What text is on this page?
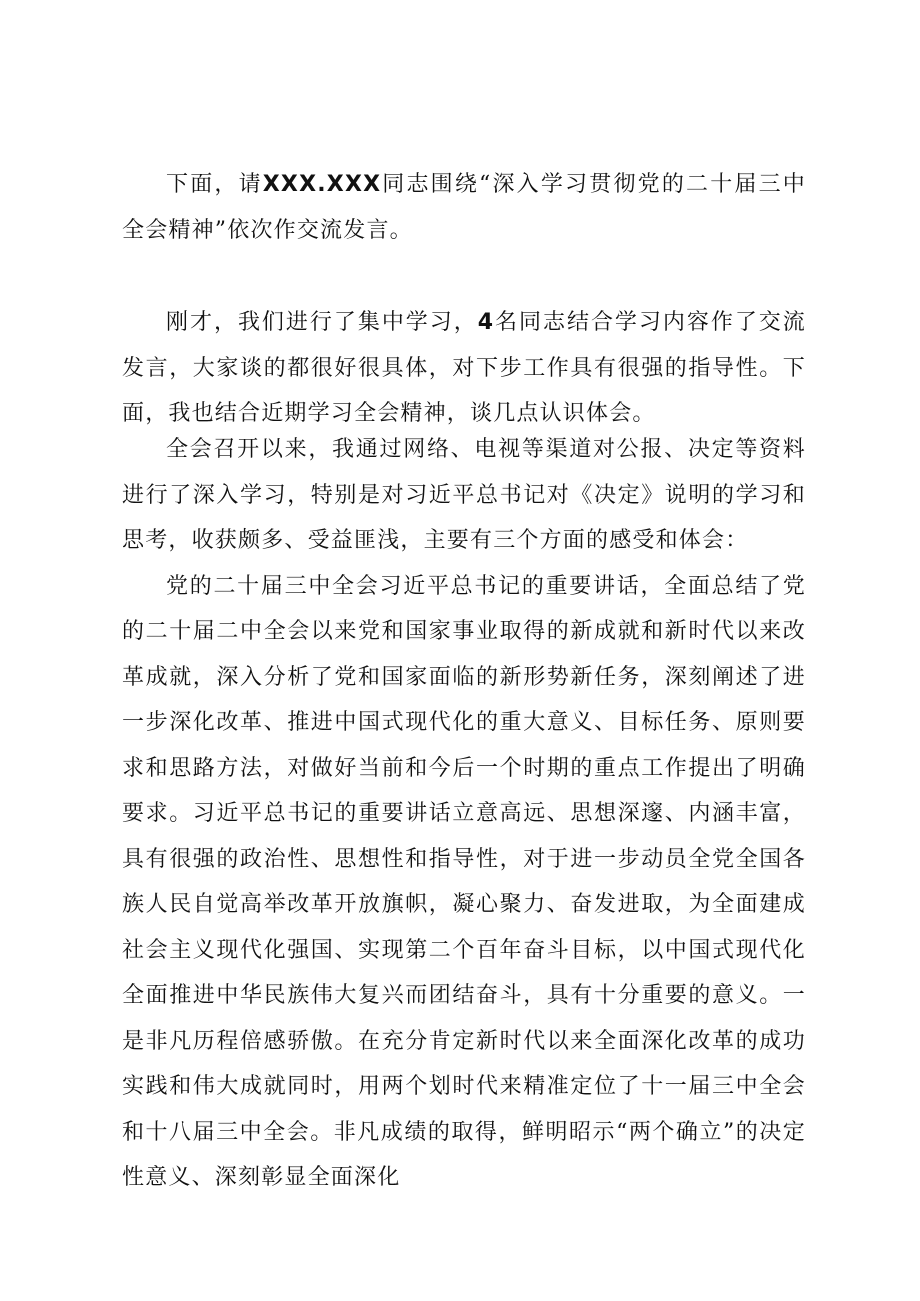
下面，请XXX.XXX同志围绕“深入学习贯彻党的二十届三中全会精神”依次作交流发言。

刚才，我们进行了集中学习，4名同志结合学习内容作了交流发言，大家谈的都很好很具体，对下步工作具有很强的指导性。下面，我也结合近期学习全会精神，谈几点认识体会。

全会召开以来，我通过网络、电视等渠道对公报、决定等资料进行了深入学习，特别是对习近平总书记对《决定》说明的学习和思考，收获颇多、受益匪浅，主要有三个方面的感受和体会：

党的二十届三中全会习近平总书记的重要讲话，全面总结了党的二十届二中全会以来党和国家事业取得的新成就和新时代以来改革成就，深入分析了党和国家面临的新形势新任务，深刻阐述了进一步深化改革、推进中国式现代化的重大意义、目标任务、原则要求和思路方法，对做好当前和今后一个时期的重点工作提出了明确要求。习近平总书记的重要讲话立意高远、思想深邃、内涵丰富，具有很强的政治性、思想性和指导性，对于进一步动员全党全国各族人民自觉高举改革开放旗帜，凝心聚力、奋发进取，为全面建成社会主义现代化强国、实现第二个百年奋斗目标，以中国式现代化全面推进中华民族伟大复兴而团结奋斗，具有十分重要的意义。一是非凡历程倍感骄傲。在充分肯定新时代以来全面深化改革的成功实践和伟大成就同时，用两个划时代来精准定位了十一届三中全会和十八届三中全会。非凡成绩的取得，鲜明昭示“两个确立”的决定性意义、深刻彰显全面深化
